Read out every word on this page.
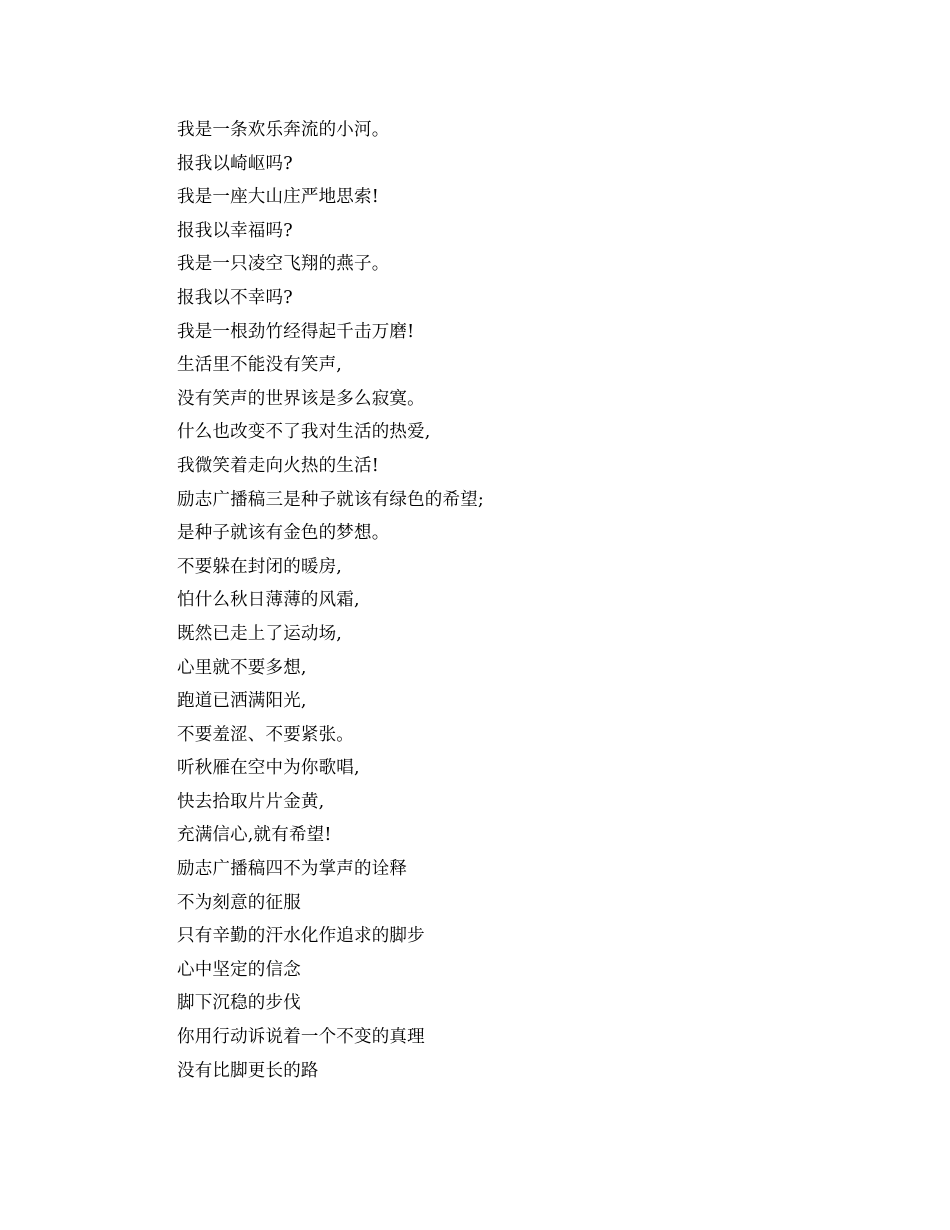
我是一条欢乐奔流的小河。
报我以崎岖吗?
我是一座大山庄严地思索!
报我以幸福吗?
我是一只凌空飞翔的燕子。
报我以不幸吗?
我是一根劲竹经得起千击万磨!
生活里不能没有笑声,
没有笑声的世界该是多么寂寞。
什么也改变不了我对生活的热爱,
我微笑着走向火热的生活!
励志广播稿三是种子就该有绿色的希望;
是种子就该有金色的梦想。
不要躲在封闭的暖房,
怕什么秋日薄薄的风霜,
既然已走上了运动场,
心里就不要多想,
跑道已洒满阳光,
不要羞涩、不要紧张。
听秋雁在空中为你歌唱,
快去拾取片片金黄,
充满信心,就有希望!
励志广播稿四不为掌声的诠释
不为刻意的征服
只有辛勤的汗水化作追求的脚步
心中坚定的信念
脚下沉稳的步伐
你用行动诉说着一个不变的真理
没有比脚更长的路
